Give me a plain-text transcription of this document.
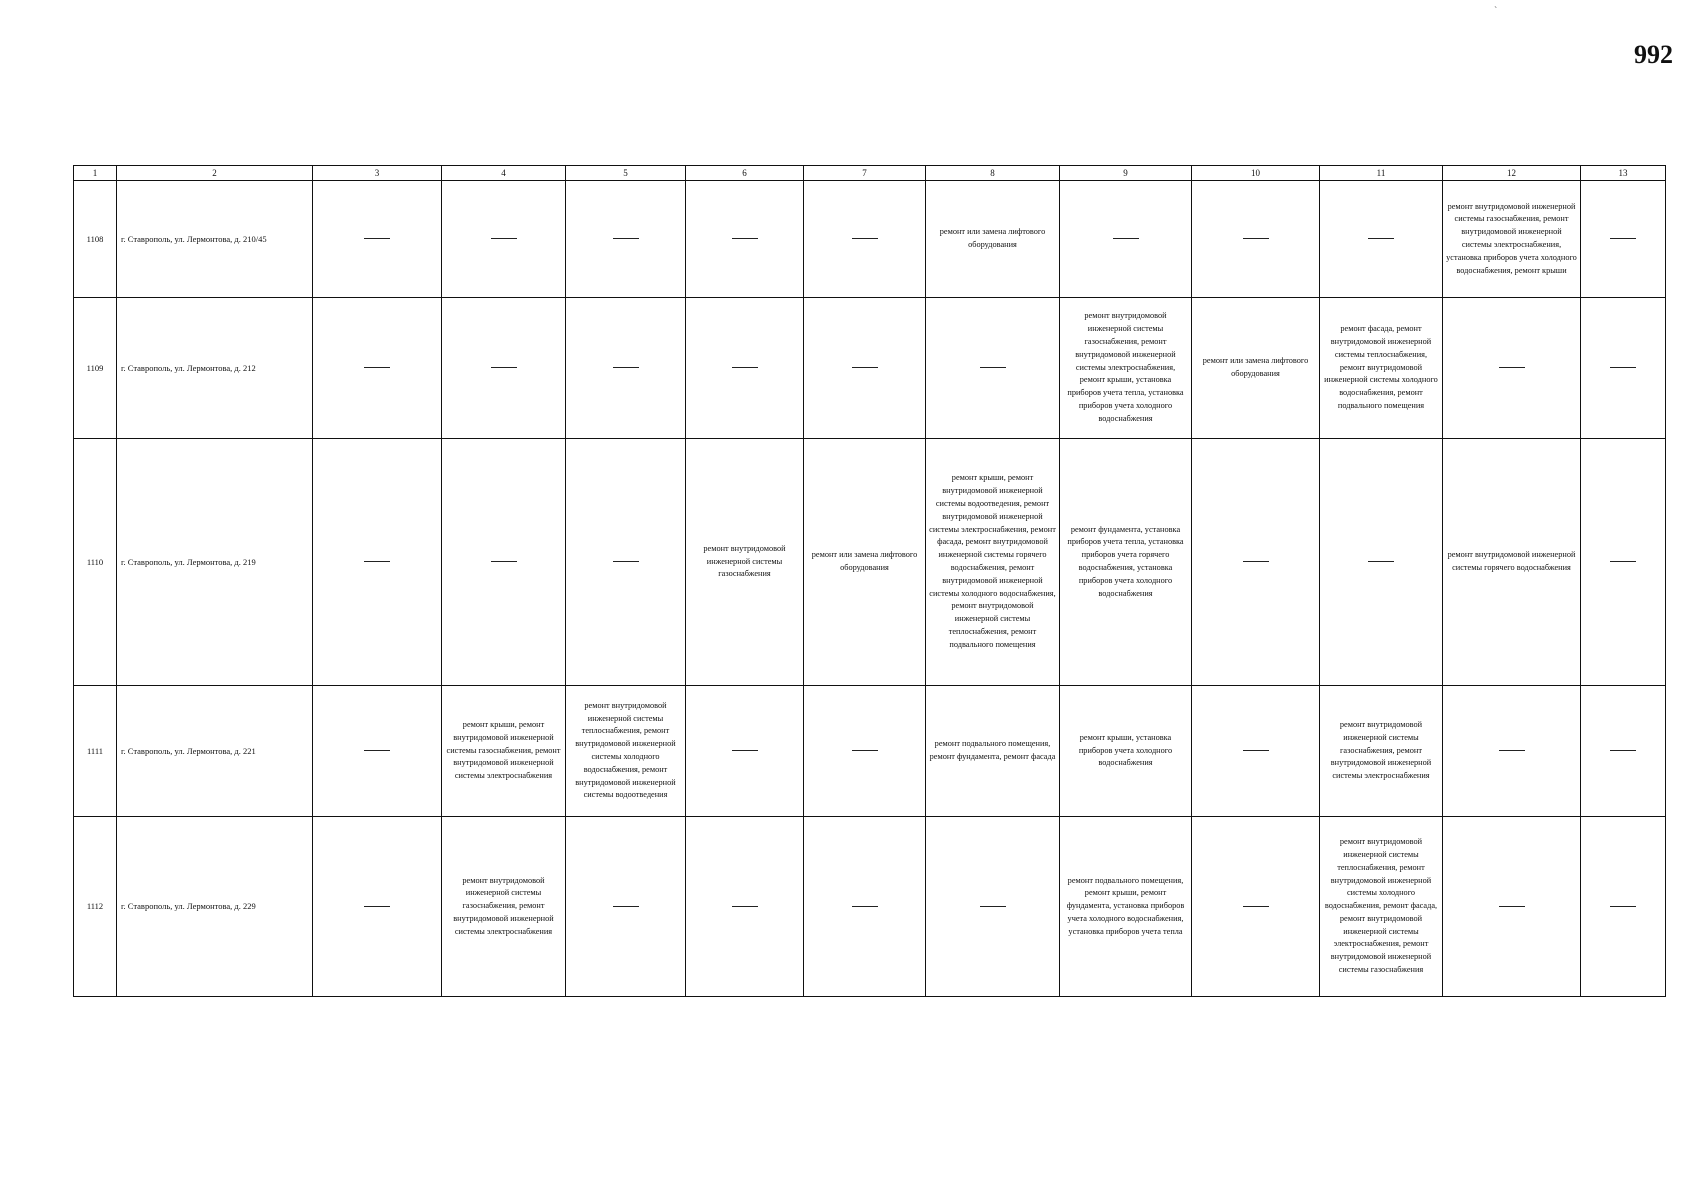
992
`
1	2	3	4	5	6	7	8	9	10	11	12	13
1108	г. Ставрополь, ул. Лермонтова, д. 210/45						ремонт или замена лифтового оборудования				ремонт внутридомовой инженерной системы газоснабжения, ремонт внутридомовой инженерной системы электроснабжения, установка приборов учета холодного водоснабжения, ремонт крыши	
1109	г. Ставрополь, ул. Лермонтова, д. 212							ремонт внутридомовой инженерной системы газоснабжения, ремонт внутридомовой инженерной системы электроснабжения, ремонт крыши, установка приборов учета тепла, установка приборов учета холодного водоснабжения	ремонт или замена лифтового оборудования	ремонт фасада, ремонт внутридомовой инженерной системы теплоснабжения, ремонт внутридомовой инженерной системы холодного водоснабжения, ремонт подвального помещения		
1110	г. Ставрополь, ул. Лермонтова, д. 219				ремонт внутридомовой инженерной системы газоснабжения	ремонт или замена лифтового оборудования	ремонт крыши, ремонт внутридомовой инженерной системы водоотведения, ремонт внутридомовой инженерной системы электроснабжения, ремонт фасада, ремонт внутридомовой инженерной системы горячего водоснабжения, ремонт внутридомовой инженерной системы холодного водоснабжения, ремонт внутридомовой инженерной системы теплоснабжения, ремонт подвального помещения	ремонт фундамента, установка приборов учета тепла, установка приборов учета горячего водоснабжения, установка приборов учета холодного водоснабжения			ремонт внутридомовой инженерной системы горячего водоснабжения	
1111	г. Ставрополь, ул. Лермонтова, д. 221		ремонт крыши, ремонт внутридомовой инженерной системы газоснабжения, ремонт внутридомовой инженерной системы электроснабжения	ремонт внутридомовой инженерной системы теплоснабжения, ремонт внутридомовой инженерной системы холодного водоснабжения, ремонт внутридомовой инженерной системы водоотведения			ремонт подвального помещения, ремонт фундамента, ремонт фасада	ремонт крыши, установка приборов учета холодного водоснабжения		ремонт внутридомовой инженерной системы газоснабжения, ремонт внутридомовой инженерной системы электроснабжения		
1112	г. Ставрополь, ул. Лермонтова, д. 229		ремонт внутридомовой инженерной системы газоснабжения, ремонт внутридомовой инженерной системы электроснабжения					ремонт подвального помещения, ремонт крыши, ремонт фундамента, установка приборов учета холодного водоснабжения, установка приборов учета тепла		ремонт внутридомовой инженерной системы теплоснабжения, ремонт внутридомовой инженерной системы холодного водоснабжения, ремонт фасада, ремонт внутридомовой инженерной системы электроснабжения, ремонт внутридомовой инженерной системы газоснабжения		
